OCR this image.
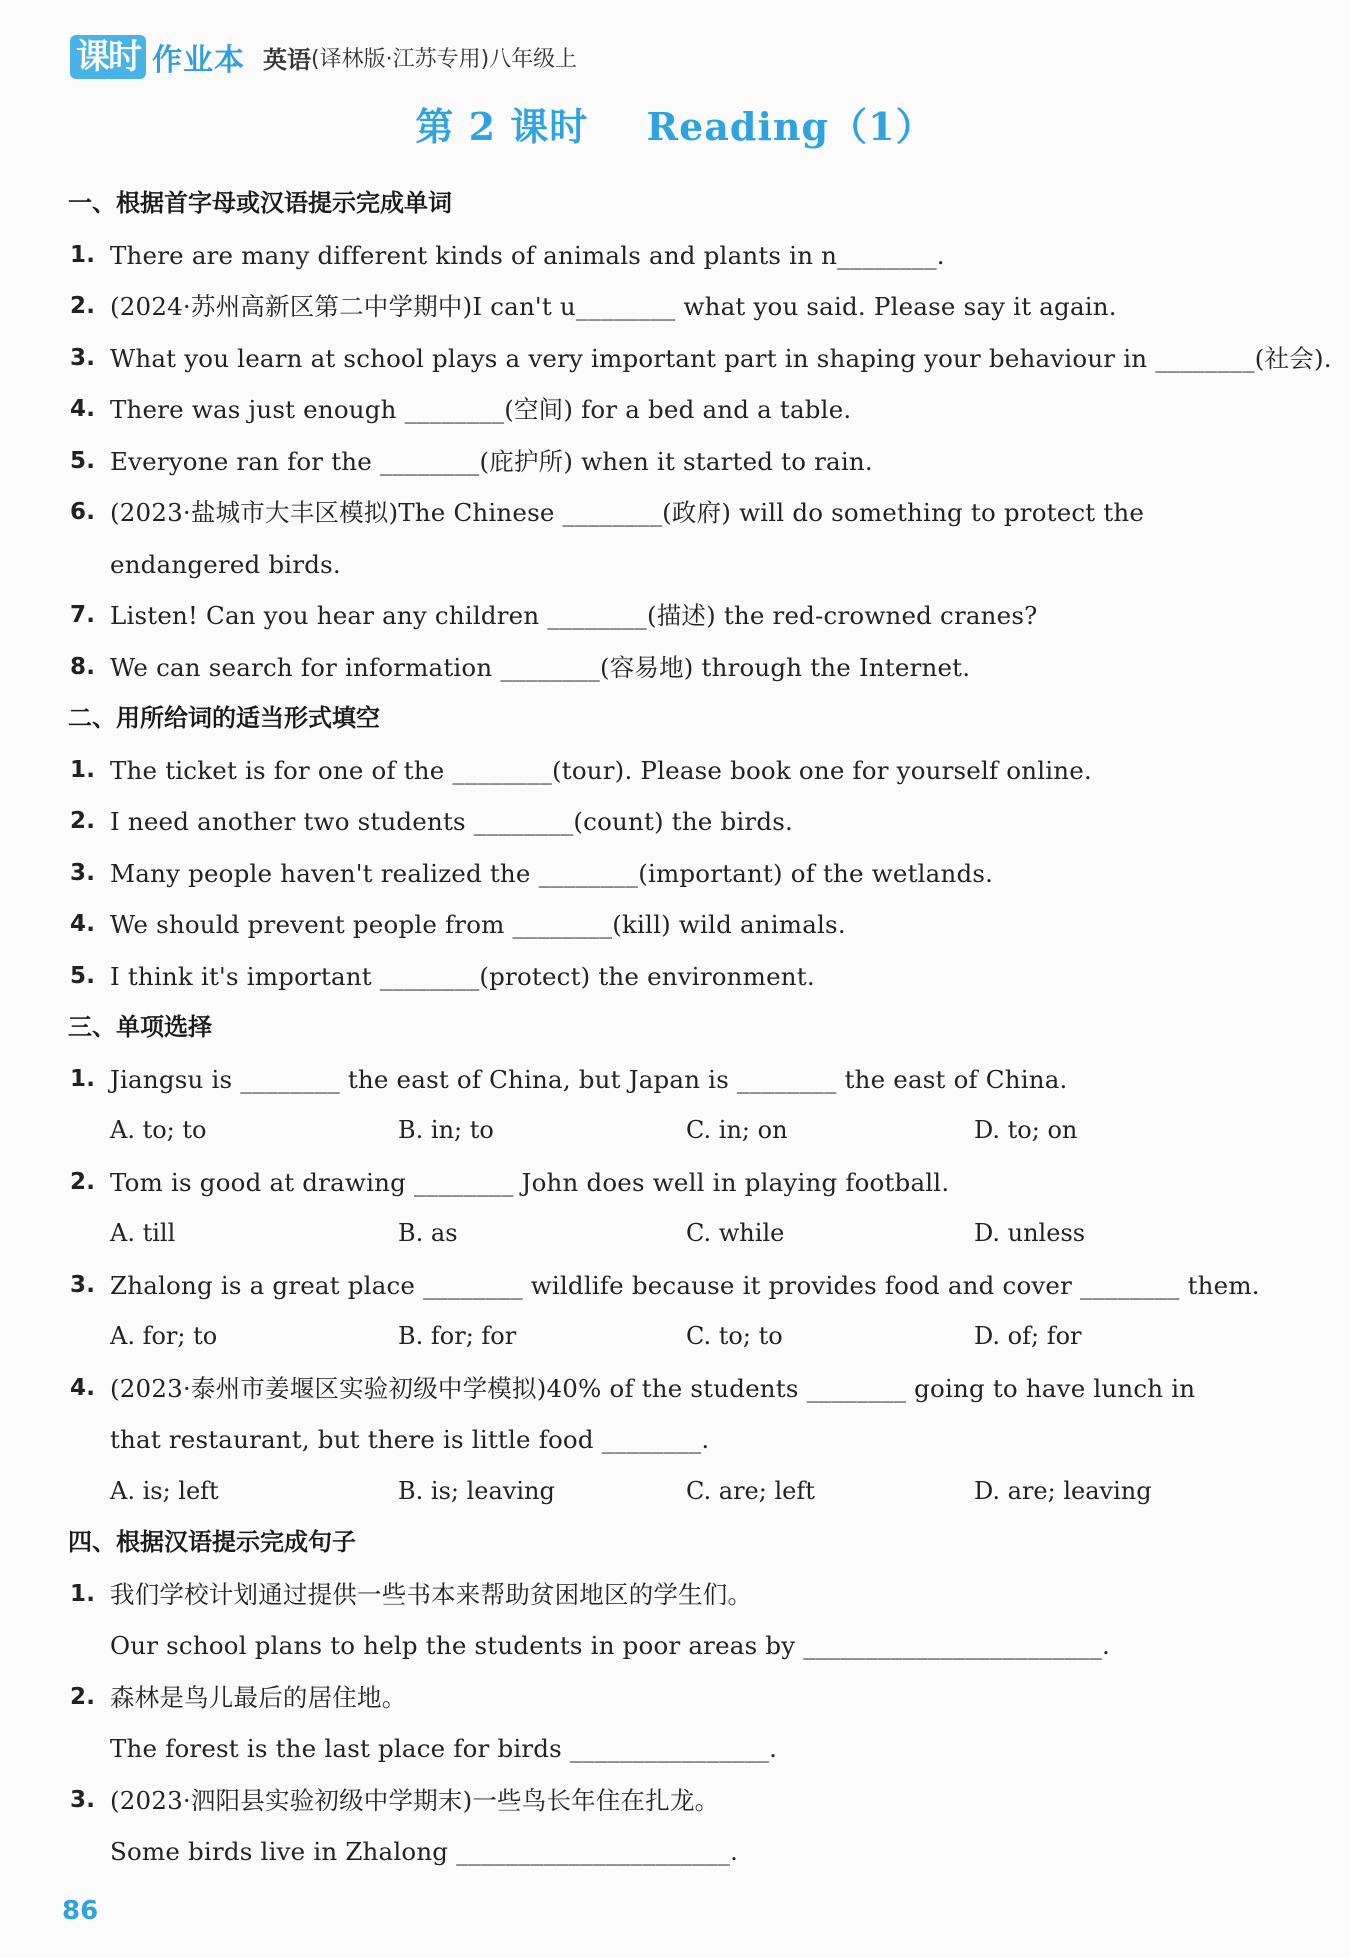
课时 作业本 英语 (译林版·江苏专用)八年级上
第 2 课时 Reading（1）
一、根据首字母或汉语提示完成单词
1. There are many different kinds of animals and plants in n________.
2. (2024·苏州高新区第二中学期中)I can't u________ what you said. Please say it again.
3. What you learn at school plays a very important part in shaping your behaviour in ________(社会).
4. There was just enough ________(空间) for a bed and a table.
5. Everyone ran for the ________(庇护所) when it started to rain.
6. (2023·盐城市大丰区模拟)The Chinese ________(政府) will do something to protect the
endangered birds.
7. Listen! Can you hear any children ________(描述) the red-crowned cranes?
8. We can search for information ________(容易地) through the Internet.
二、用所给词的适当形式填空
1. The ticket is for one of the ________(tour). Please book one for yourself online.
2. I need another two students ________(count) the birds.
3. Many people haven't realized the ________(important) of the wetlands.
4. We should prevent people from ________(kill) wild animals.
5. I think it's important ________(protect) the environment.
三、单项选择
1. Jiangsu is ________ the east of China, but Japan is ________ the east of China.
A. to; to	B. in; to	C. in; on	D. to; on
2. Tom is good at drawing ________ John does well in playing football.
A. till	B. as	C. while	D. unless
3. Zhalong is a great place ________ wildlife because it provides food and cover ________ them.
A. for; to	B. for; for	C. to; to	D. of; for
4. (2023·泰州市姜堰区实验初级中学模拟)40% of the students ________ going to have lunch in
that restaurant, but there is little food ________.
A. is; left	B. is; leaving	C. are; left	D. are; leaving
四、根据汉语提示完成句子
1. 我们学校计划通过提供一些书本来帮助贫困地区的学生们。
Our school plans to help the students in poor areas by ________________________.
2. 森林是鸟儿最后的居住地。
The forest is the last place for birds ________________.
3. (2023·泗阳县实验初级中学期末)一些鸟长年住在扎龙。
Some birds live in Zhalong ______________________.
86
